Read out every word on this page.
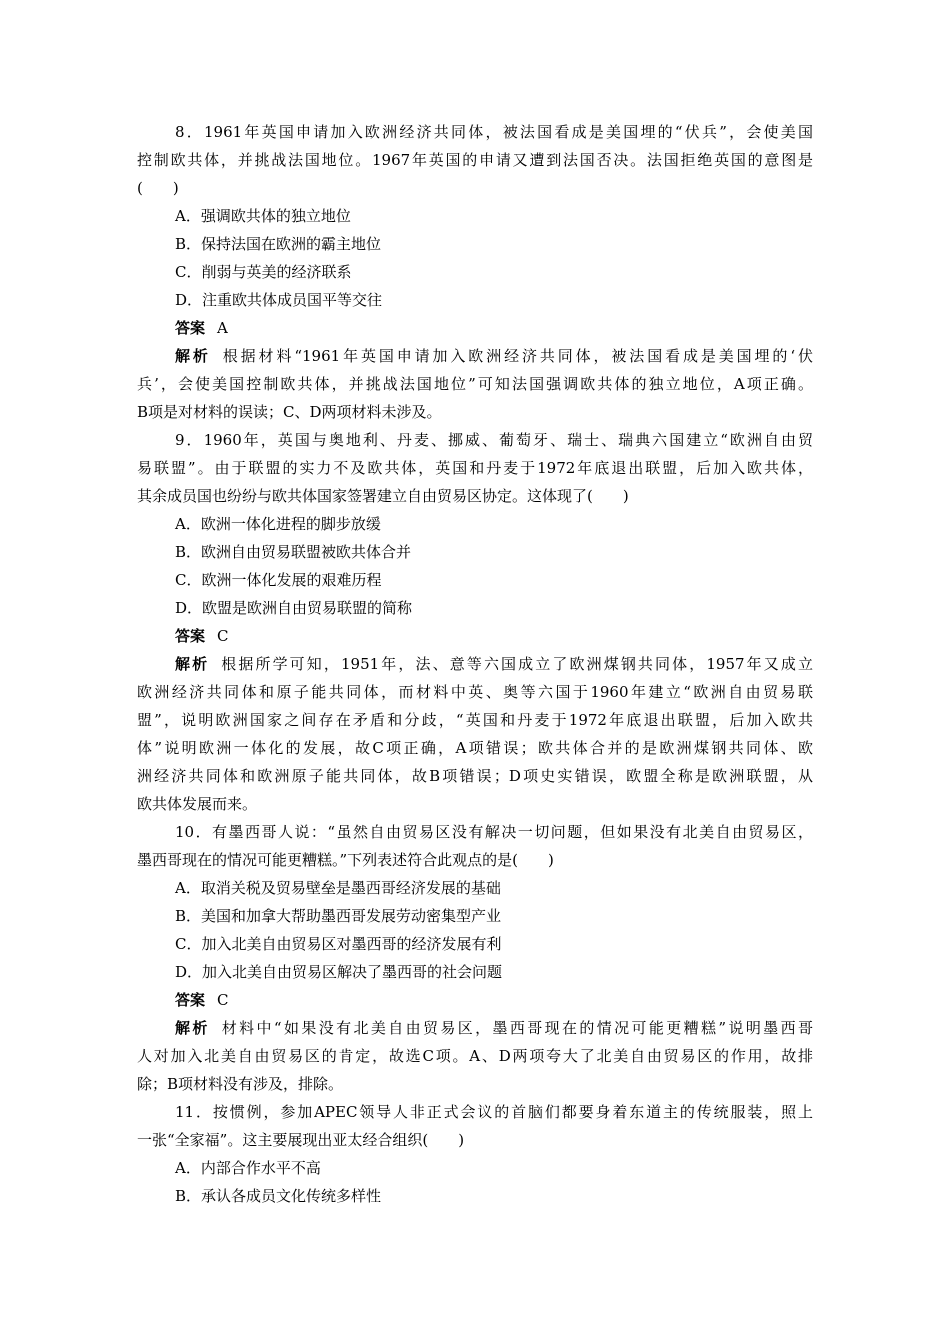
8．1961年英国申请加入欧洲经济共同体，被法国看成是美国埋的“伏兵”，会使美国
控制欧共体，并挑战法国地位。1967年英国的申请又遭到法国否决。法国拒绝英国的意图是
(　　)
A．强调欧共体的独立地位
B．保持法国在欧洲的霸主地位
C．削弱与英美的经济联系
D．注重欧共体成员国平等交往
答案 A
解析 根据材料“1961年英国申请加入欧洲经济共同体，被法国看成是美国埋的‘伏
兵’，会使美国控制欧共体，并挑战法国地位”可知法国强调欧共体的独立地位，A项正确。
B项是对材料的误读；C、D两项材料未涉及。
9．1960年，英国与奥地利、丹麦、挪威、葡萄牙、瑞士、瑞典六国建立“欧洲自由贸
易联盟”。由于联盟的实力不及欧共体，英国和丹麦于1972年底退出联盟，后加入欧共体，
其余成员国也纷纷与欧共体国家签署建立自由贸易区协定。这体现了(　　)
A．欧洲一体化进程的脚步放缓
B．欧洲自由贸易联盟被欧共体合并
C．欧洲一体化发展的艰难历程
D．欧盟是欧洲自由贸易联盟的简称
答案 C
解析 根据所学可知，1951年，法、意等六国成立了欧洲煤钢共同体，1957年又成立
欧洲经济共同体和原子能共同体，而材料中英、奥等六国于1960年建立“欧洲自由贸易联
盟”，说明欧洲国家之间存在矛盾和分歧，“英国和丹麦于1972年底退出联盟，后加入欧共
体”说明欧洲一体化的发展，故C项正确，A项错误；欧共体合并的是欧洲煤钢共同体、欧
洲经济共同体和欧洲原子能共同体，故B项错误；D项史实错误，欧盟全称是欧洲联盟，从
欧共体发展而来。
10．有墨西哥人说：“虽然自由贸易区没有解决一切问题，但如果没有北美自由贸易区，
墨西哥现在的情况可能更糟糕。”下列表述符合此观点的是(　　)
A．取消关税及贸易壁垒是墨西哥经济发展的基础
B．美国和加拿大帮助墨西哥发展劳动密集型产业
C．加入北美自由贸易区对墨西哥的经济发展有利
D．加入北美自由贸易区解决了墨西哥的社会问题
答案 C
解析 材料中“如果没有北美自由贸易区，墨西哥现在的情况可能更糟糕”说明墨西哥
人对加入北美自由贸易区的肯定，故选C项。A、D两项夸大了北美自由贸易区的作用，故排
除；B项材料没有涉及，排除。
11．按惯例，参加APEC领导人非正式会议的首脑们都要身着东道主的传统服装，照上
一张“全家福”。这主要展现出亚太经合组织(　　)
A．内部合作水平不高
B．承认各成员文化传统多样性
